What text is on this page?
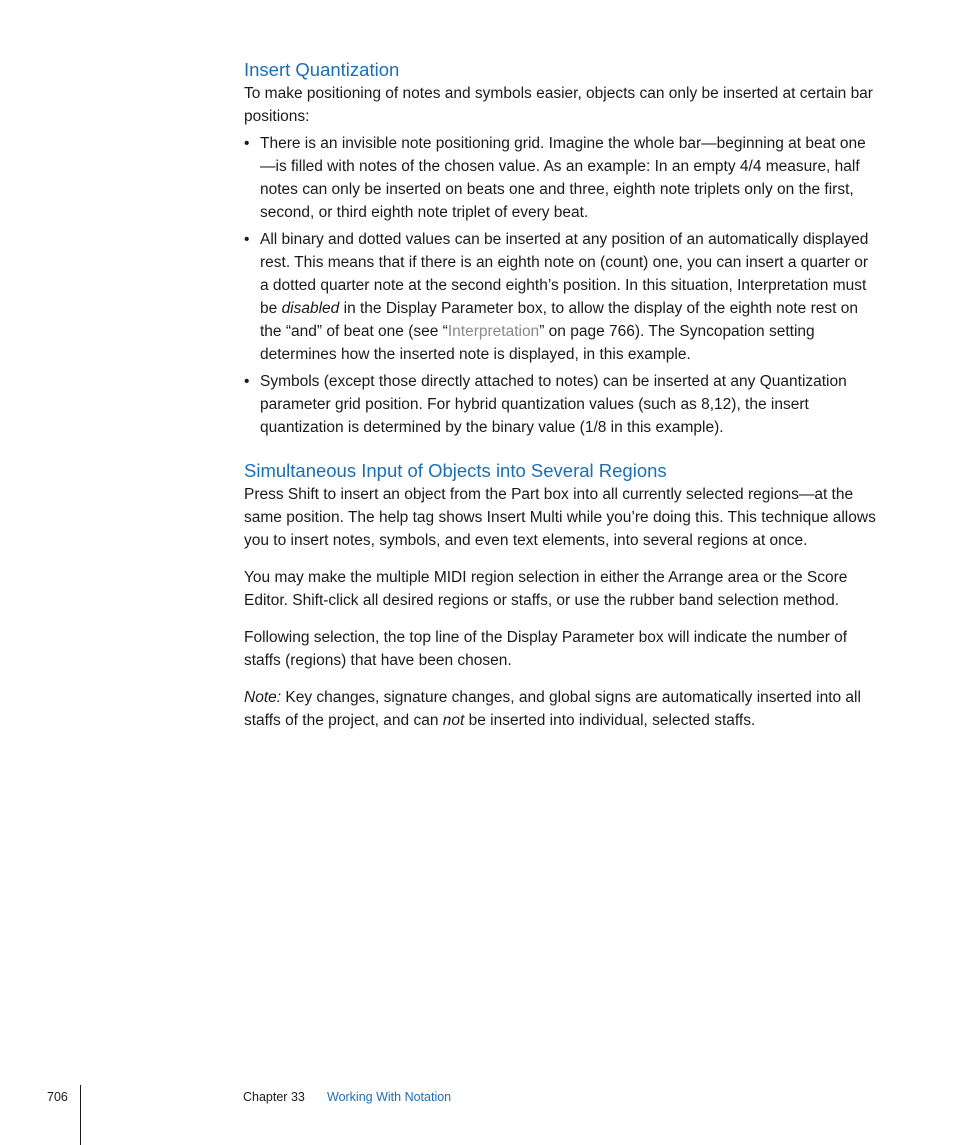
Insert Quantization

To make positioning of notes and symbols easier, objects can only be inserted at certain bar positions:

• There is an invisible note positioning grid. Imagine the whole bar—beginning at beat one—is filled with notes of the chosen value. As an example: In an empty 4/4 measure, half notes can only be inserted on beats one and three, eighth note triplets only on the first, second, or third eighth note triplet of every beat.
• All binary and dotted values can be inserted at any position of an automatically displayed rest. This means that if there is an eighth note on (count) one, you can insert a quarter or a dotted quarter note at the second eighth’s position. In this situation, Interpretation must be disabled in the Display Parameter box, to allow the display of the eighth note rest on the “and” of beat one (see “Interpretation” on page 766). The Syncopation setting determines how the inserted note is displayed, in this example.
• Symbols (except those directly attached to notes) can be inserted at any Quantization parameter grid position. For hybrid quantization values (such as 8,12), the insert quantization is determined by the binary value (1/8 in this example).
Simultaneous Input of Objects into Several Regions

Press Shift to insert an object from the Part box into all currently selected regions—at the same position. The help tag shows Insert Multi while you’re doing this. This technique allows you to insert notes, symbols, and even text elements, into several regions at once.

You may make the multiple MIDI region selection in either the Arrange area or the Score Editor. Shift-click all desired regions or staffs, or use the rubber band selection method.

Following selection, the top line of the Display Parameter box will indicate the number of staffs (regions) that have been chosen.

Note: Key changes, signature changes, and global signs are automatically inserted into all staffs of the project, and can not be inserted into individual, selected staffs.

706	Chapter 33 Working With Notation
